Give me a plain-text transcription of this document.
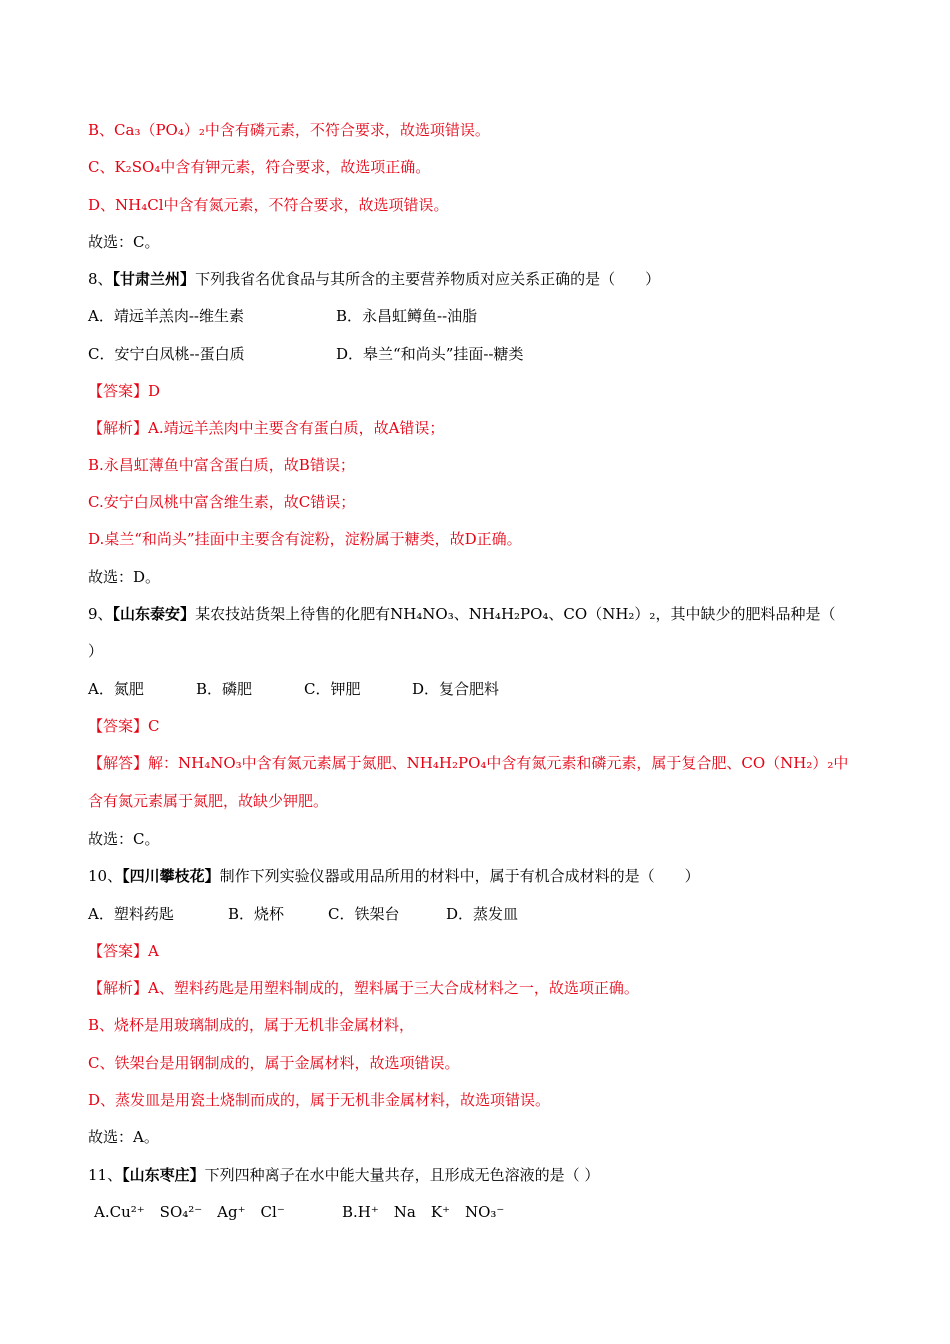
B、Ca₃（PO₄）₂中含有磷元素，不符合要求，故选项错误。
C、K₂SO₄中含有钾元素，符合要求，故选项正确。
D、NH₄Cl中含有氮元素，不符合要求，故选项错误。
故选：C。
8、【甘肃兰州】下列我省名优食品与其所含的主要营养物质对应关系正确的是（　　）
A．靖远羊羔肉--维生素	B．永昌虹鳟鱼--油脂
C．安宁白凤桃--蛋白质	D．皋兰“和尚头”挂面--糖类
【答案】D
【解析】A.靖远羊羔肉中主要含有蛋白质，故A错误；
B.永昌虹薄鱼中富含蛋白质，故B错误；
C.安宁白凤桃中富含维生素，故C错误；
D.桌兰“和尚头”挂面中主要含有淀粉，淀粉属于糖类，故D正确。
故选：D。
9、【山东泰安】某农技站货架上待售的化肥有NH₄NO₃、NH₄H₂PO₄、CO（NH₂）₂，其中缺少的肥料品种是（
）
A．氮肥	B．磷肥	C．钾肥	D．复合肥料
【答案】C
【解答】解：NH₄NO₃中含有氮元素属于氮肥、NH₄H₂PO₄中含有氮元素和磷元素，属于复合肥、CO（NH₂）₂中
含有氮元素属于氮肥，故缺少钾肥。
故选：C。
10、【四川攀枝花】制作下列实验仪器或用品所用的材料中，属于有机合成材料的是（　　）
A．塑料药匙	B．烧杯	C．铁架台	D．蒸发皿
【答案】A
【解析】A、塑料药匙是用塑料制成的，塑料属于三大合成材料之一，故选项正确。
B、烧杯是用玻璃制成的，属于无机非金属材料，
C、铁架台是用钢制成的，属于金属材料，故选项错误。
D、蒸发皿是用瓷土烧制而成的，属于无机非金属材料，故选项错误。
故选：A。
11、【山东枣庄】下列四种离子在水中能大量共存，且形成无色溶液的是（ ）
A.Cu²⁺　SO₄²⁻　Ag⁺　Cl⁻	B.H⁺　Na　K⁺　NO₃⁻
